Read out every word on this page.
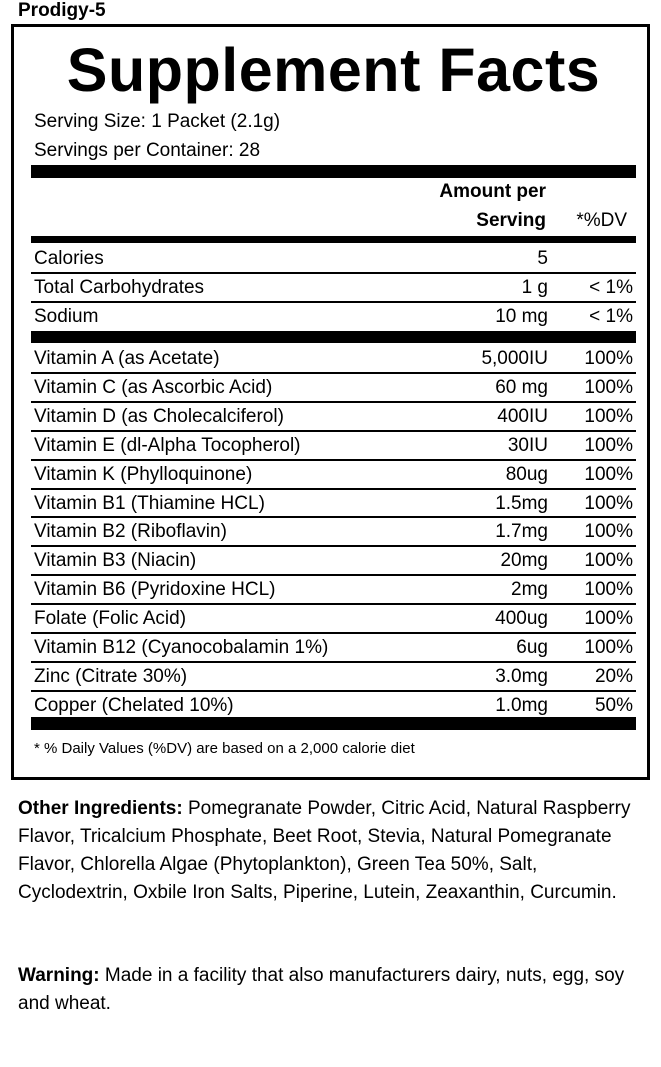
Prodigy-5
Supplement Facts
Serving Size: 1 Packet (2.1g)
Servings per Container: 28
Amount per
Serving *%DV
Calories	5
Total Carbohydrates	1 g < 1%
Sodium	10 mg < 1%
Vitamin A (as Acetate)	5,000IU 100%
Vitamin C (as Ascorbic Acid)	60 mg 100%
Vitamin D (as Cholecalciferol)	400IU 100%
Vitamin E (dl-Alpha Tocopherol)	30IU 100%
Vitamin K (Phylloquinone)	80ug 100%
Vitamin B1 (Thiamine HCL)	1.5mg 100%
Vitamin B2 (Riboflavin)	1.7mg 100%
Vitamin B3 (Niacin)	20mg 100%
Vitamin B6 (Pyridoxine HCL)	2mg 100%
Folate (Folic Acid)	400ug 100%
Vitamin B12 (Cyanocobalamin 1%)	6ug 100%
Zinc (Citrate 30%)	3.0mg 20%
Copper (Chelated 10%)	1.0mg 50%
* % Daily Values (%DV) are based on a 2,000 calorie diet
Other Ingredients: Pomegranate Powder, Citric Acid, Natural Raspberry Flavor, Tricalcium Phosphate, Beet Root, Stevia, Natural Pomegranate Flavor, Chlorella Algae (Phytoplankton), Green Tea 50%, Salt, Cyclodextrin, Oxbile Iron Salts, Piperine, Lutein, Zeaxanthin, Curcumin.
Warning: Made in a facility that also manufacturers dairy, nuts, egg, soy and wheat.
